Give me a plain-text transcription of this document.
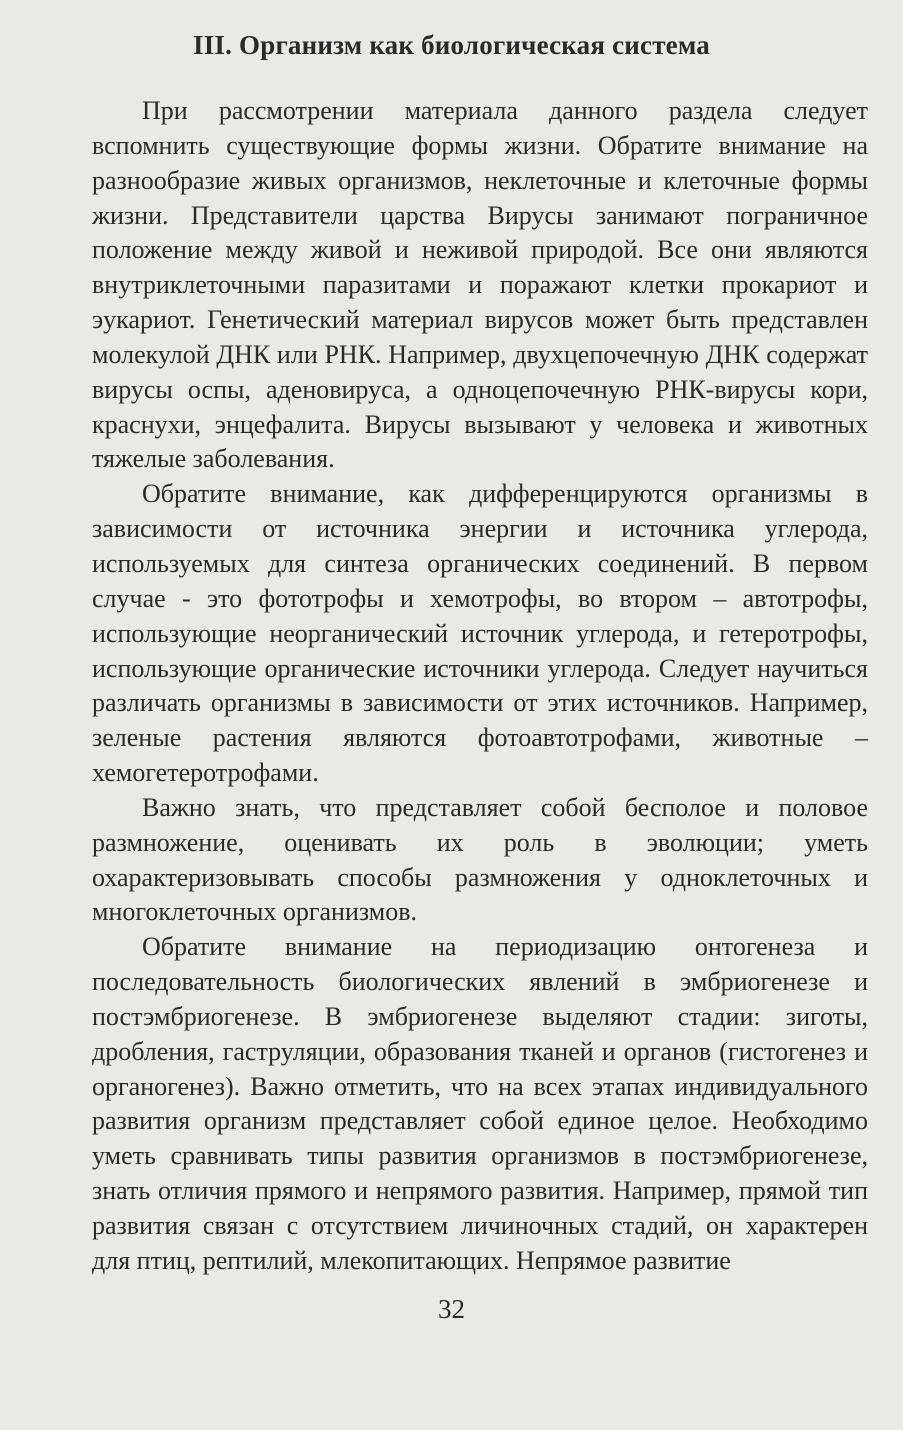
III. Организм как биологическая система

При рассмотрении материала данного раздела следует вспомнить существующие формы жизни. Обратите внимание на разнообразие живых организмов, неклеточные и клеточные формы жизни. Представители царства Вирусы занимают пограничное положение между живой и неживой природой. Все они являются внутриклеточными паразитами и поражают клетки прокариот и эукариот. Генетический материал вирусов может быть представлен молекулой ДНК или РНК. Например, двухцепочечную ДНК содержат вирусы оспы, аденовируса, а одноцепочечную РНК-вирусы кори, краснухи, энцефалита. Вирусы вызывают у человека и животных тяжелые заболевания.

Обратите внимание, как дифференцируются организмы в зависимости от источника энергии и источника углерода, используемых для синтеза органических соединений. В первом случае - это фототрофы и хемотрофы, во втором – автотрофы, использующие неорганический источник углерода, и гетеротрофы, использующие органические источники углерода. Следует научиться различать организмы в зависимости от этих источников. Например, зеленые растения являются фотоавтотрофами, животные – хемогетеротрофами.

Важно знать, что представляет собой бесполое и половое размножение, оценивать их роль в эволюции; уметь охарактеризовывать способы размножения у одноклеточных и многоклеточных организмов.

Обратите внимание на периодизацию онтогенеза и последовательность биологических явлений в эмбриогенезе и постэмбриогенезе. В эмбриогенезе выделяют стадии: зиготы, дробления, гаструляции, образования тканей и органов (гистогенез и органогенез). Важно отметить, что на всех этапах индивидуального развития организм представляет собой единое целое. Необходимо уметь сравнивать типы развития организмов в постэмбриогенезе, знать отличия прямого и непрямого развития. Например, прямой тип развития связан с отсутствием личиночных стадий, он характерен для птиц, рептилий, млекопитающих. Непрямое развитие

32
